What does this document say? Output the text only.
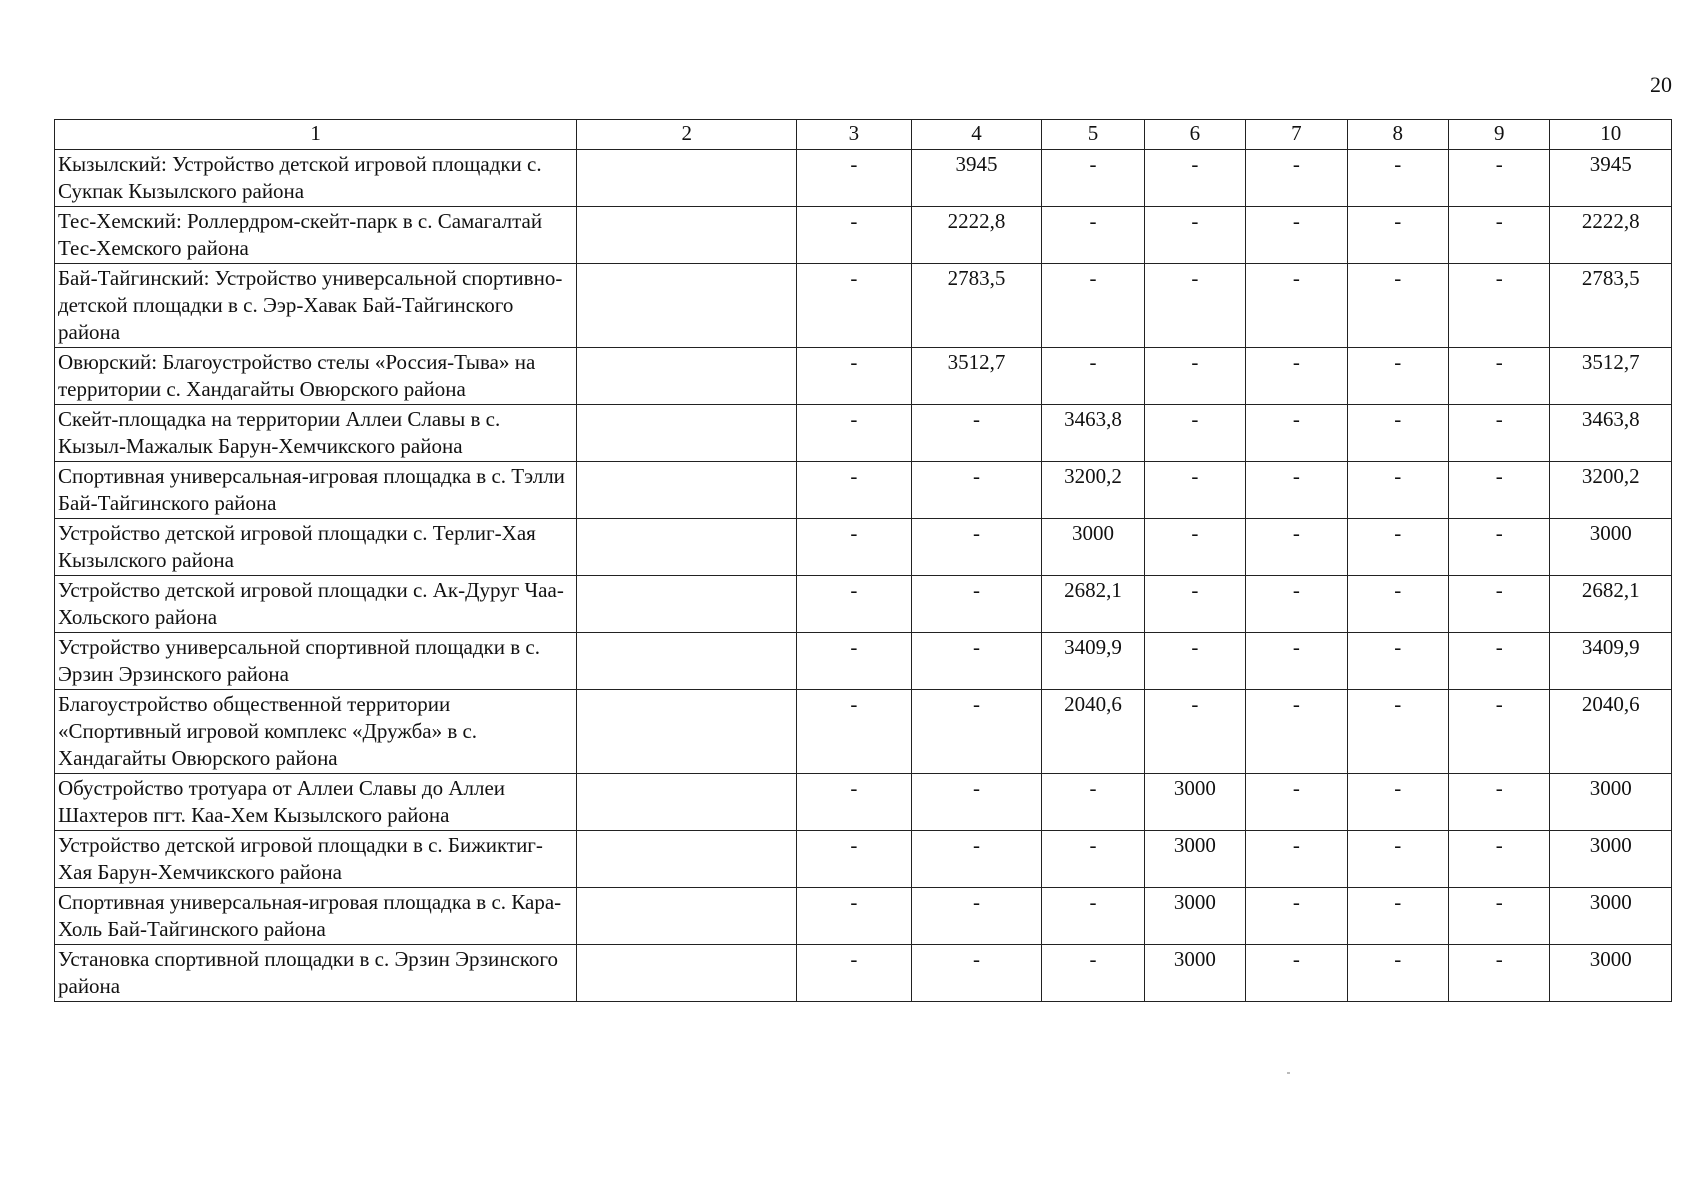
20
1	2	3	4	5	6	7	8	9	10
Кызылский: Устройство детской игровой площадки с. Сукпак Кызылского района		-	3945	-	-	-	-	-	3945
Тес-Хемский: Роллердром-скейт-парк в с. Самагалтай Тес-Хемского района		-	2222,8	-	-	-	-	-	2222,8
Бай-Тайгинский: Устройство универсальной спортивно-детской площадки в с. Ээр-Хавак Бай-Тайгинского района		-	2783,5	-	-	-	-	-	2783,5
Овюрский: Благоустройство стелы «Россия-Тыва» на территории с. Хандагайты Овюрского района		-	3512,7	-	-	-	-	-	3512,7
Скейт-площадка на территории Аллеи Славы в с. Кызыл-Мажалык Барун-Хемчикского района		-	-	3463,8	-	-	-	-	3463,8
Спортивная универсальная-игровая площадка в с. Тэлли Бай-Тайгинского района		-	-	3200,2	-	-	-	-	3200,2
Устройство детской игровой площадки с. Терлиг-Хая Кызылского района		-	-	3000	-	-	-	-	3000
Устройство детской игровой площадки с. Ак-Дуруг Чаа-Хольского района		-	-	2682,1	-	-	-	-	2682,1
Устройство универсальной спортивной площадки в с. Эрзин Эрзинского района		-	-	3409,9	-	-	-	-	3409,9
Благоустройство общественной территории «Спортивный игровой комплекс «Дружба» в с. Хандагайты Овюрского района		-	-	2040,6	-	-	-	-	2040,6
Обустройство тротуара от Аллеи Славы до Аллеи Шахтеров пгт. Каа-Хем Кызылского района		-	-	-	3000	-	-	-	3000
Устройство детской игровой площадки в с. Бижиктиг-Хая Барун-Хемчикского района		-	-	-	3000	-	-	-	3000
Спортивная универсальная-игровая площадка в с. Кара-Холь Бай-Тайгинского района		-	-	-	3000	-	-	-	3000
Установка спортивной площадки в с. Эрзин Эрзинского района		-	-	-	3000	-	-	-	3000
